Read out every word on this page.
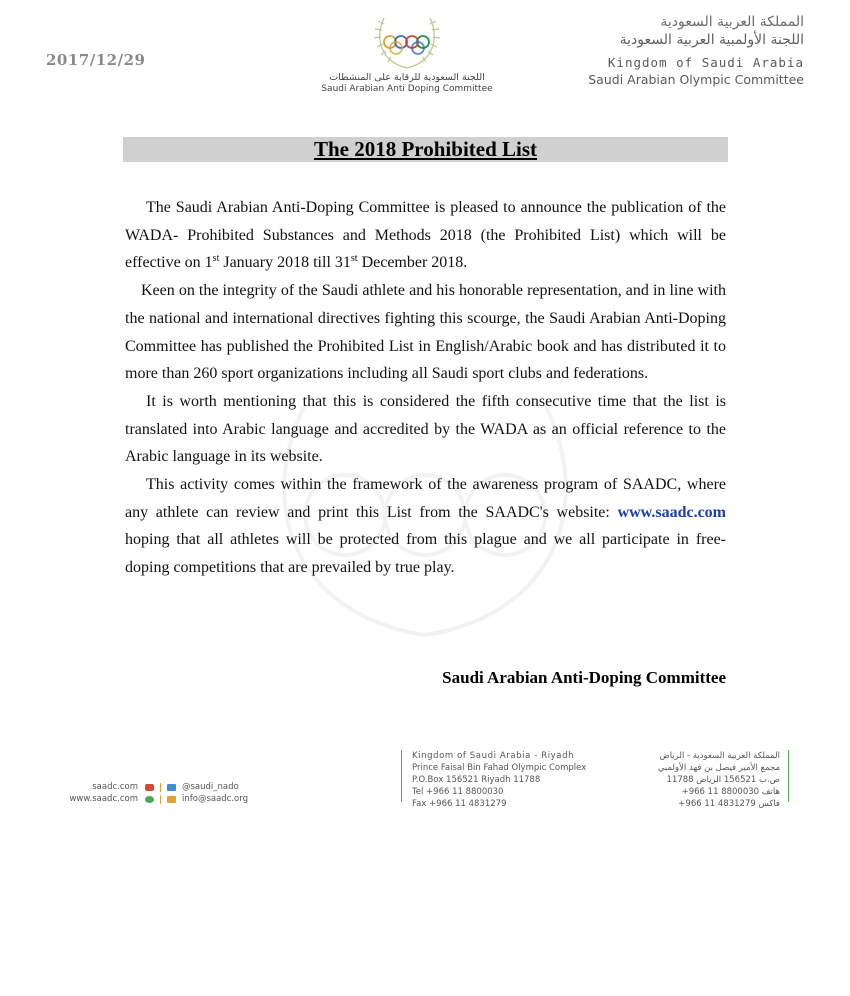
2017/12/29
اللجنة السعودية للرقابة على المنشطات
Saudi Arabian Anti Doping Committee
المملكة العربية السعودية
اللجنة الأولمبية العربية السعودية
Kingdom of Saudi Arabia
Saudi Arabian Olympic Committee
The 2018 Prohibited List

The Saudi Arabian Anti-Doping Committee is pleased to announce the publication of the WADA- Prohibited Substances and Methods 2018 (the Prohibited List) which will be effective on 1st January 2018 till 31st December 2018.

Keen on the integrity of the Saudi athlete and his honorable representation, and in line with the national and international directives fighting this scourge, the Saudi Arabian Anti-Doping Committee has published the Prohibited List in English/Arabic book and has distributed it to more than 260 sport organizations including all Saudi sport clubs and federations.

It is worth mentioning that this is considered the fifth consecutive time that the list is translated into Arabic language and accredited by the WADA as an official reference to the Arabic language in its website.

This activity comes within the framework of the awareness program of SAADC, where any athlete can review and print this List from the SAADC's website: www.saadc.com hoping that all athletes will be protected from this plague and we all participate in free-doping competitions that are prevailed by true play.

Saudi Arabian Anti-Doping Committee
saadc.com	@saudi_nado
www.saadc.com	info@saadc.org
Kingdom of Saudi Arabia - Riyadh
Prince Faisal Bin Fahad Olympic Complex
P.O.Box 156521 Riyadh 11788
Tel +966 11 8800030
Fax +966 11 4831279
المملكة العربية السعودية - الرياض
مجمع الأمير فيصل بن فهد الأولمبي
ص.ب 156521 الرياض 11788
هاتف 8800030 11 966+
فاكس 4831279 11 966+
